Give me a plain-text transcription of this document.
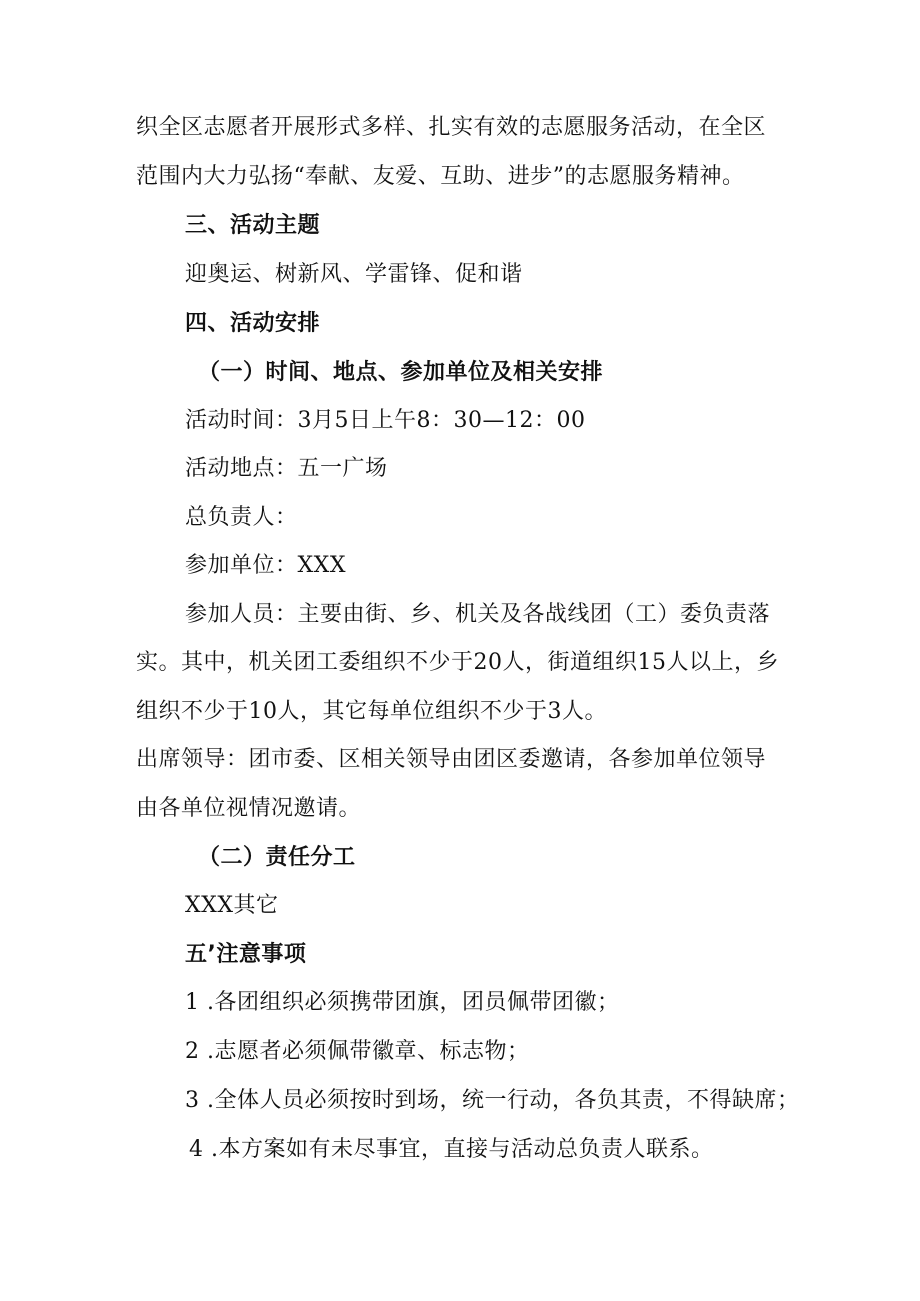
织全区志愿者开展形式多样、扎实有效的志愿服务活动，在全区
范围内大力弘扬“奉献、友爱、互助、进步”的志愿服务精神。
三、活动主题
迎奥运、树新风、学雷锋、促和谐
四、活动安排
（一）时间、地点、参加单位及相关安排
活动时间：3月5日上午8：30—12：00
活动地点：五一广场
总负责人：
参加单位：XXX
参加人员：主要由街、乡、机关及各战线团（工）委负责落
实。其中，机关团工委组织不少于20人，街道组织15人以上，乡
组织不少于10人，其它每单位组织不少于3人。
出席领导：团市委、区相关领导由团区委邀请，各参加单位领导
由各单位视情况邀请。
（二）责任分工
XXX其它
五’注意事项
1 .各团组织必须携带团旗，团员佩带团徽；
2 .志愿者必须佩带徽章、标志物；
3 .全体人员必须按时到场，统一行动，各负其责，不得缺席；
4 .本方案如有未尽事宜，直接与活动总负责人联系。
